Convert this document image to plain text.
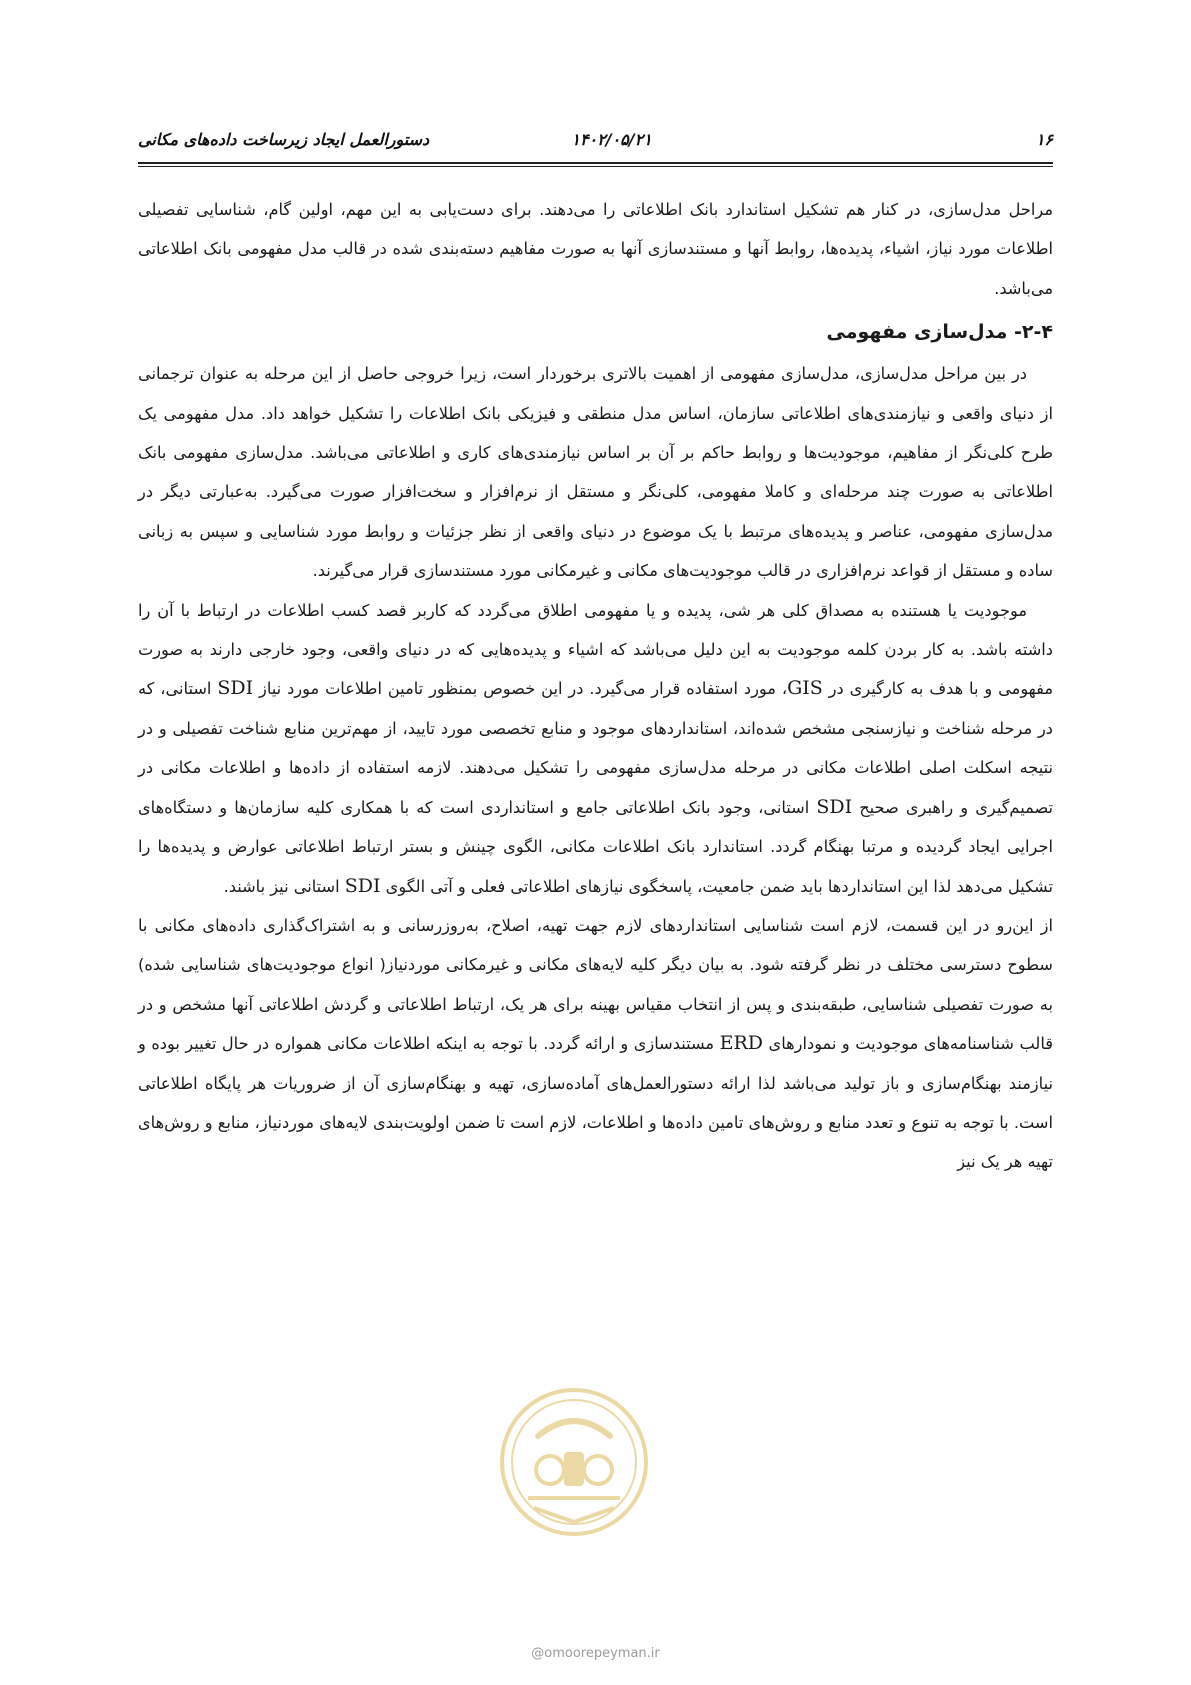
۱۶
۱۴۰۲/۰۵/۲۱
دستورالعمل ایجاد زیرساخت داده‌های مکانی

مراحل مدل‌سازی، در کنار هم تشکیل استاندارد بانک اطلاعاتی را می‌دهند. برای دست‌یابی به این مهم، اولین گام، شناسایی تفصیلی اطلاعات مورد نیاز، اشیاء، پدیده‌ها، روابط آنها و مستندسازی آنها به صورت مفاهیم دسته‌بندی شده در قالب مدل مفهومی بانک اطلاعاتی می‌باشد.

۲-۴- مدل‌سازی مفهومی

در بین مراحل مدل‌سازی، مدل‌سازی مفهومی از اهمیت بالاتری برخوردار است، زیرا خروجی حاصل از این مرحله به عنوان ترجمانی از دنیای واقعی و نیازمندی‌های اطلاعاتی سازمان، اساس مدل منطقی و فیزیکی بانک اطلاعات را تشکیل خواهد داد. مدل مفهومی یک طرح کلی‌نگر از مفاهیم، موجودیت‌ها و روابط حاکم بر آن بر اساس نیازمندی‌های کاری و اطلاعاتی می‌باشد. مدل‌سازی مفهومی بانک اطلاعاتی به صورت چند مرحله‌ای و کاملا مفهومی، کلی‌نگر و مستقل از نرم‌افزار و سخت‌افزار صورت می‌گیرد. به‌عبارتی دیگر در مدل‌سازی مفهومی، عناصر و پدیده‌های مرتبط با یک موضوع در دنیای واقعی از نظر جزئیات و روابط مورد شناسایی و سپس به زبانی ساده و مستقل از قواعد نرم‌افزاری در قالب موجودیت‌های مکانی و غیرمکانی مورد مستندسازی قرار می‌گیرند.

موجودیت یا هستنده به مصداق کلی هر شی، پدیده و یا مفهومی اطلاق می‌گردد که کاربر قصد کسب اطلاعات در ارتباط با آن را داشته باشد. به کار بردن کلمه موجودیت به این دلیل می‌باشد که اشیاء و پدیده‌هایی که در دنیای واقعی، وجود خارجی دارند به صورت مفهومی و با هدف به کارگیری در GIS، مورد استفاده قرار می‌گیرد. در این خصوص بمنظور تامین اطلاعات مورد نیاز SDI استانی، که در مرحله شناخت و نیازسنجی مشخص شده‌اند، استانداردهای موجود و منابع تخصصی مورد تایید، از مهم‌ترین منابع شناخت تفصیلی و در نتیجه اسکلت اصلی اطلاعات مکانی در مرحله مدل‌سازی مفهومی را تشکیل می‌دهند. لازمه استفاده از داده‌ها و اطلاعات مکانی در تصمیم‌گیری و راهبری صحیح SDI استانی، وجود بانک اطلاعاتی جامع و استانداردی است که با همکاری کلیه سازمان‌ها و دستگاه‌های اجرایی ایجاد گردیده و مرتبا بهنگام گردد. استاندارد بانک اطلاعات مکانی، الگوی چینش و بستر ارتباط اطلاعاتی عوارض و پدیده‌ها را تشکیل می‌دهد لذا این استانداردها باید ضمن جامعیت، پاسخگوی نیازهای اطلاعاتی فعلی و آتی الگوی SDI استانی نیز باشند.

از این‌رو در این قسمت، لازم است شناسایی استانداردهای لازم جهت تهیه، اصلاح، به‌روزرسانی و به اشتراک‌گذاری داده‌های مکانی با سطوح دسترسی مختلف در نظر گرفته شود. به بیان دیگر کلیه لایه‌های مکانی و غیرمکانی موردنیاز( انواع موجودیت‌های شناسایی شده) به صورت تفصیلی شناسایی، طبقه‌بندی و پس از انتخاب مقیاس بهینه برای هر یک، ارتباط اطلاعاتی و گردش اطلاعاتی آنها مشخص و در قالب شناسنامه‌های موجودیت و نمودارهای ERD مستندسازی و ارائه گردد. با توجه به اینکه اطلاعات مکانی همواره در حال تغییر بوده و نیازمند بهنگام‌سازی و باز تولید می‌باشد لذا ارائه دستورالعمل‌های آماده‌سازی، تهیه و بهنگام‌سازی آن از ضروریات هر پایگاه اطلاعاتی است. با توجه به تنوع و تعدد منابع و روش‌های تامین داده‌ها و اطلاعات، لازم است تا ضمن اولویت‌بندی لایه‌های موردنیاز، منابع و روش‌های تهیه هر یک نیز

@omoorepeyman.ir
